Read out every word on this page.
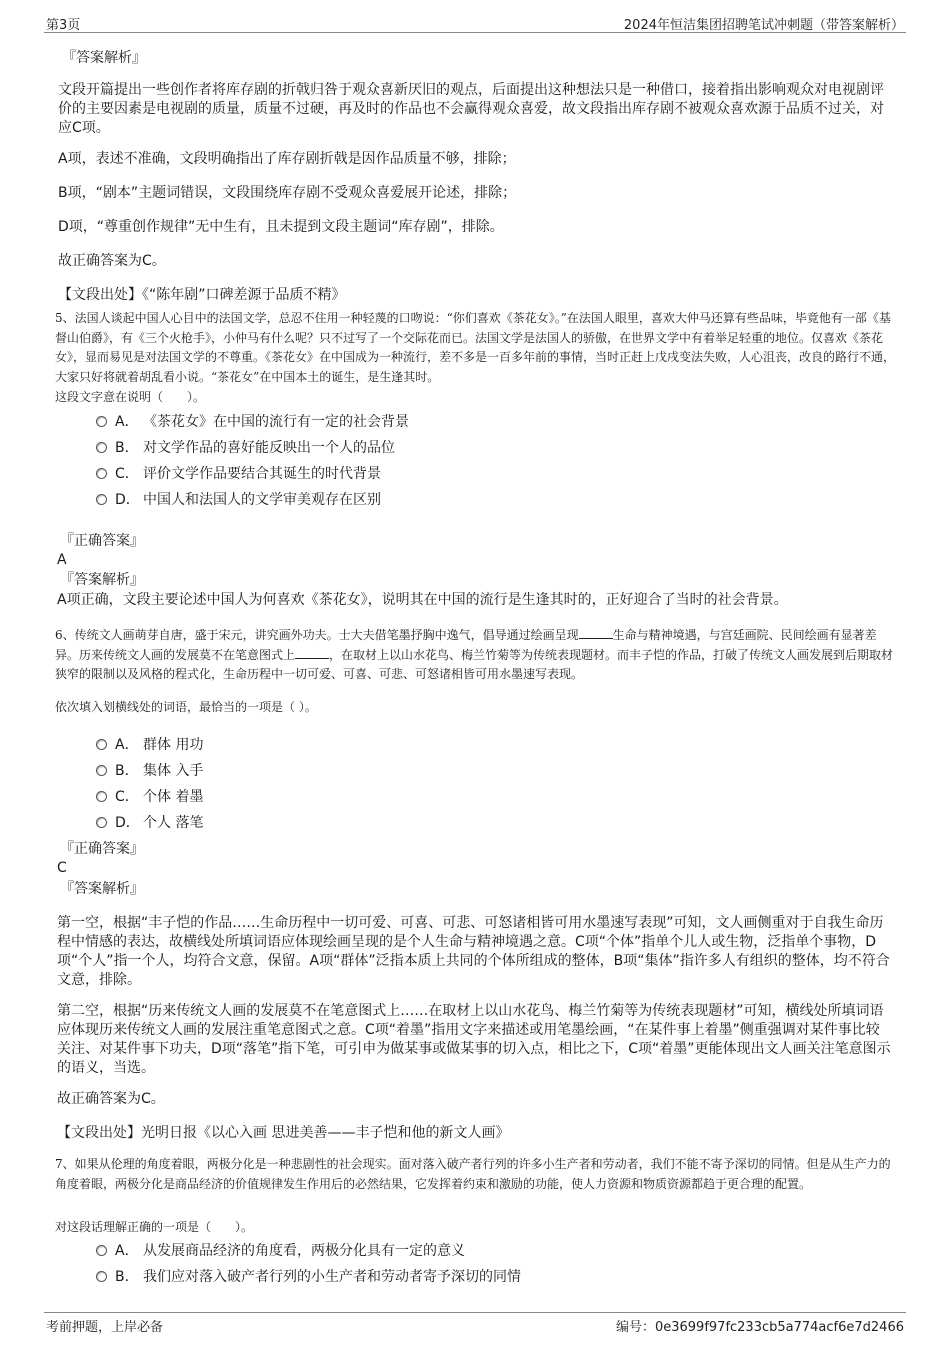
第3页	2024年恒洁集团招聘笔试冲刺题（带答案解析）
『答案解析』
文段开篇提出一些创作者将库存剧的折戟归咎于观众喜新厌旧的观点，后面提出这种想法只是一种借口，接着指出影响观众对电视剧评价的主要因素是电视剧的质量，质量不过硬，再及时的作品也不会赢得观众喜爱，故文段指出库存剧不被观众喜欢源于品质不过关，对应C项。
A项，表述不准确，文段明确指出了库存剧折戟是因作品质量不够，排除；
B项，“剧本”主题词错误，文段围绕库存剧不受观众喜爱展开论述，排除；
D项，“尊重创作规律”无中生有，且未提到文段主题词“库存剧”，排除。
故正确答案为C。
【文段出处】《“陈年剧”口碑差源于品质不精》
5、法国人谈起中国人心目中的法国文学，总忍不住用一种轻蔑的口吻说：“你们喜欢《茶花女》。”在法国人眼里，喜欢大仲马还算有些品味，毕竟他有一部《基督山伯爵》，有《三个火枪手》，小仲马有什么呢？只不过写了一个交际花而已。法国文学是法国人的骄傲，在世界文学中有着举足轻重的地位。仅喜欢《茶花女》，显而易见是对法国文学的不尊重。《茶花女》在中国成为一种流行，差不多是一百多年前的事情，当时正赶上戊戌变法失败，人心沮丧，改良的路行不通，大家只好将就着胡乱看小说。“茶花女”在中国本土的诞生，是生逢其时。
这段文字意在说明（　　）。
A． 《茶花女》在中国的流行有一定的社会背景
B． 对文学作品的喜好能反映出一个人的品位
C． 评价文学作品要结合其诞生的时代背景
D． 中国人和法国人的文学审美观存在区别
『正确答案』
A
『答案解析』
A项正确，文段主要论述中国人为何喜欢《茶花女》，说明其在中国的流行是生逢其时的，正好迎合了当时的社会背景。
6、传统文人画萌芽自唐，盛于宋元，讲究画外功夫。士大夫借笔墨抒胸中逸气，倡导通过绘画呈现	生命与精神境遇，与宫廷画院、民间绘画有显著差异。历来传统文人画的发展莫不在笔意图式上	，在取材上以山水花鸟、梅兰竹菊等为传统表现题材。而丰子恺的作品，打破了传统文人画发展到后期取材狭窄的限制以及风格的程式化，生命历程中一切可爱、可喜、可悲、可怒诸相皆可用水墨速写表现。
依次填入划横线处的词语，最恰当的一项是（ ）。
A． 群体 用功
B． 集体 入手
C． 个体 着墨
D． 个人 落笔
『正确答案』
C
『答案解析』
第一空，根据“丰子恺的作品……生命历程中一切可爱、可喜、可悲、可怒诸相皆可用水墨速写表现”可知，文人画侧重对于自我生命历程中情感的表达，故横线处所填词语应体现绘画呈现的是个人生命与精神境遇之意。C项“个体”指单个儿人或生物，泛指单个事物，D项“个人”指一个人，均符合文意，保留。A项“群体”泛指本质上共同的个体所组成的整体，B项“集体”指许多人有组织的整体，均不符合文意，排除。
第二空，根据“历来传统文人画的发展莫不在笔意图式上……在取材上以山水花鸟、梅兰竹菊等为传统表现题材”可知，横线处所填词语应体现历来传统文人画的发展注重笔意图式之意。C项“着墨”指用文字来描述或用笔墨绘画，“在某件事上着墨”侧重强调对某件事比较关注、对某件事下功夫，D项“落笔”指下笔，可引申为做某事或做某事的切入点，相比之下，C项“着墨”更能体现出文人画关注笔意图示的语义，当选。
故正确答案为C。
【文段出处】光明日报《以心入画 思进美善——丰子恺和他的新文人画》
7、如果从伦理的角度着眼，两极分化是一种悲剧性的社会现实。面对落入破产者行列的许多小生产者和劳动者，我们不能不寄予深切的同情。但是从生产力的角度着眼，两极分化是商品经济的价值规律发生作用后的必然结果，它发挥着约束和激励的功能，使人力资源和物质资源都趋于更合理的配置。
对这段话理解正确的一项是（　　）。
A． 从发展商品经济的角度看，两极分化具有一定的意义
B． 我们应对落入破产者行列的小生产者和劳动者寄予深切的同情
考前押题，上岸必备	编号：0e3699f97fc233cb5a774acf6e7d2466
